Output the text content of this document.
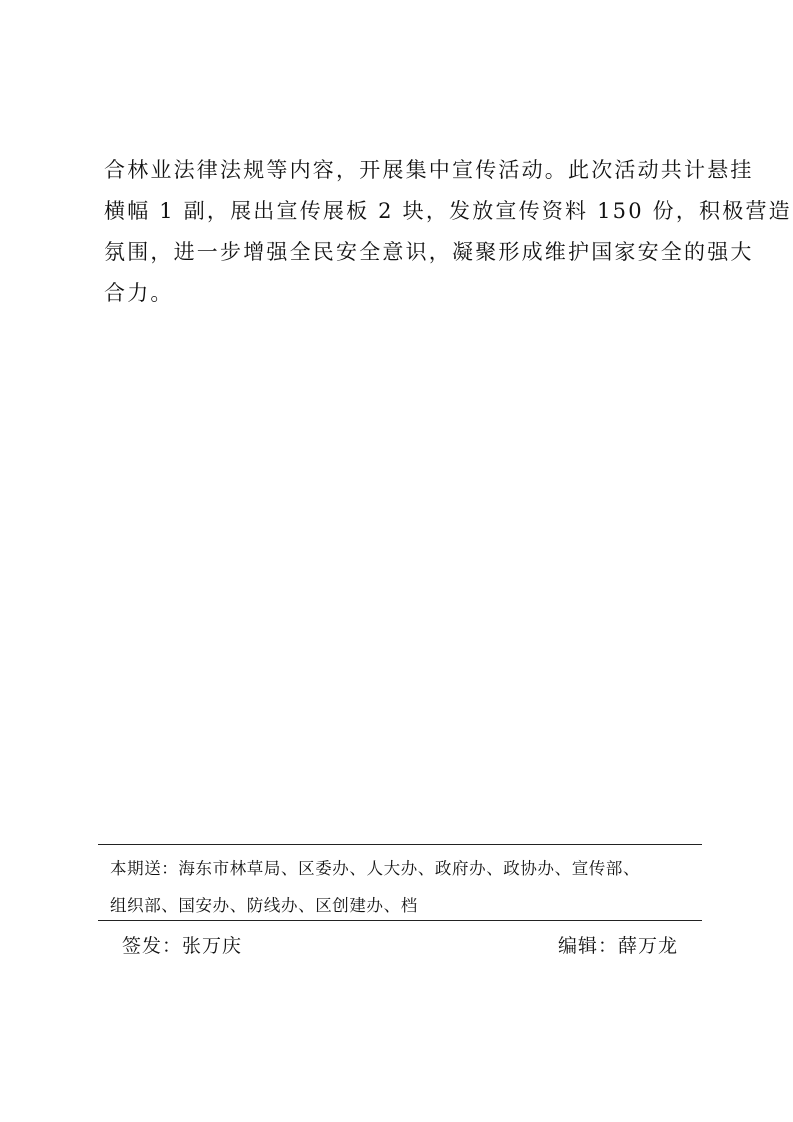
合林业法律法规等内容，开展集中宣传活动。此次活动共计悬挂
横幅 1 副，展出宣传展板 2 块，发放宣传资料 150 份，积极营造
氛围，进一步增强全民安全意识，凝聚形成维护国家安全的强大
合力。
本期送：海东市林草局、区委办、人大办、政府办、政协办、宣传部、
组织部、国安办、防线办、区创建办、档
签发：张万庆	编辑：薛万龙
